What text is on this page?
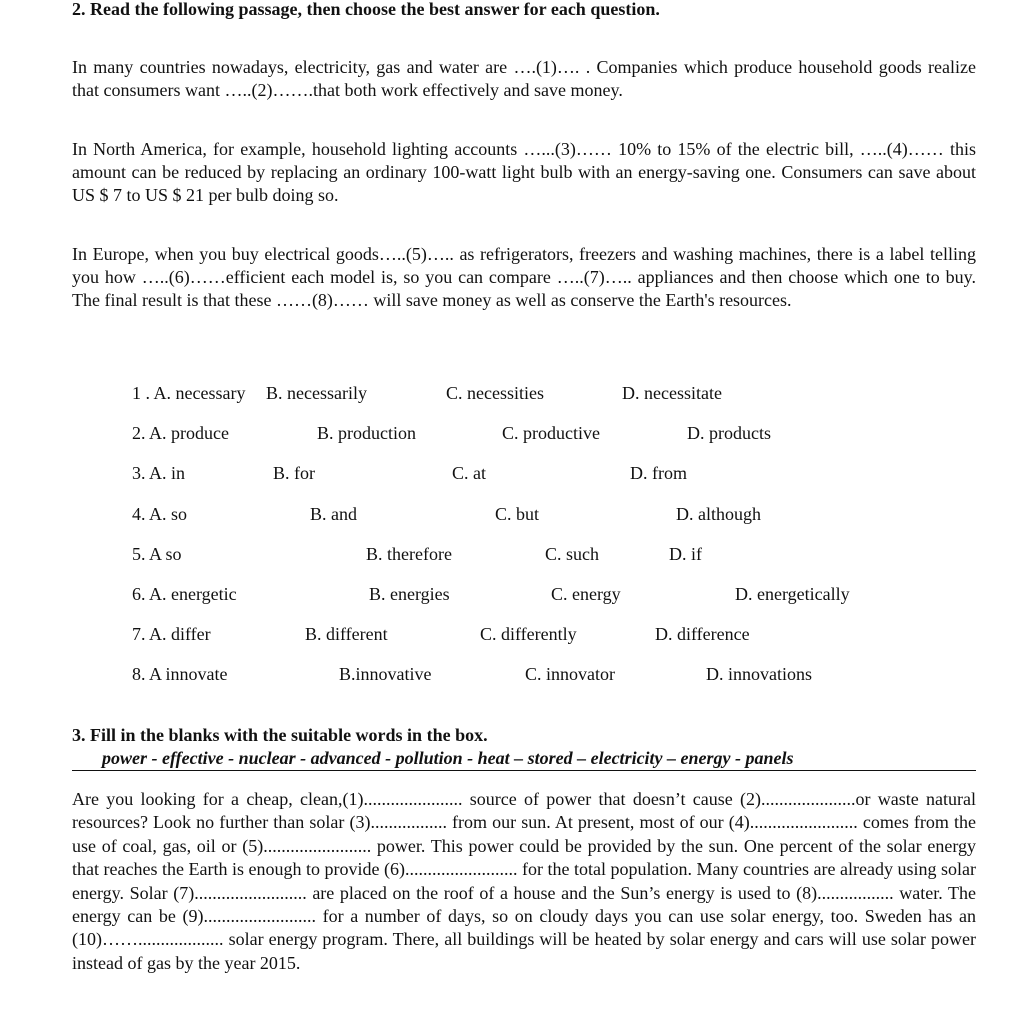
2. Read the following passage, then choose the best answer for each question.

In many countries nowadays, electricity, gas and water are ….(1)…. . Companies which produce household goods realize that consumers want …..(2)…….that both work effectively and save money.

In North America, for example, household lighting accounts …...(3)…… 10% to 15% of the electric bill, …..(4)…… this amount can be reduced by replacing an ordinary 100-watt light bulb with an energy-saving one. Consumers can save about US $ 7 to US $ 21 per bulb doing so.

In Europe, when you buy electrical goods…..(5)….. as refrigerators, freezers and washing machines, there is a label telling you how …..(6)……efficient each model is, so you can compare …..(7)….. appliances and then choose which one to buy. The final result is that these ……(8)…… will save money as well as conserve the Earth's resources.

1 . A. necessary B. necessarily	C. necessities	D. necessitate
2. A. produce	B. production	C. productive	D. products
3. A. in	B. for	C. at	D. from
4. A. so	B. and	C. but	D. although
5. A so	B. therefore	C. such	D. if
6. A. energetic	B. energies	C. energy	D. energetically
7. A. differ	B. different	C. differently	D. difference
8. A innovate	B.innovative	C. innovator	D. innovations

3. Fill in the blanks with the suitable words in the box.

power - effective - nuclear - advanced - pollution - heat – stored – electricity – energy - panels

Are you looking for a cheap, clean,(1)...................... source of power that doesn’t cause (2).....................or waste natural resources? Look no further than solar (3)................. from our sun. At present, most of our (4)........................ comes from the use of coal, gas, oil or (5)........................ power. This power could be provided by the sun. One percent of the solar energy that reaches the Earth is enough to provide (6)......................... for the total population. Many countries are already using solar energy. Solar (7)......................... are placed on the roof of a house and the Sun’s energy is used to (8)................. water. The energy can be (9)......................... for a number of days, so on cloudy days you can use solar energy, too. Sweden has an (10)……................... solar energy program. There, all buildings will be heated by solar energy and cars will use solar power instead of gas by the year 2015.
